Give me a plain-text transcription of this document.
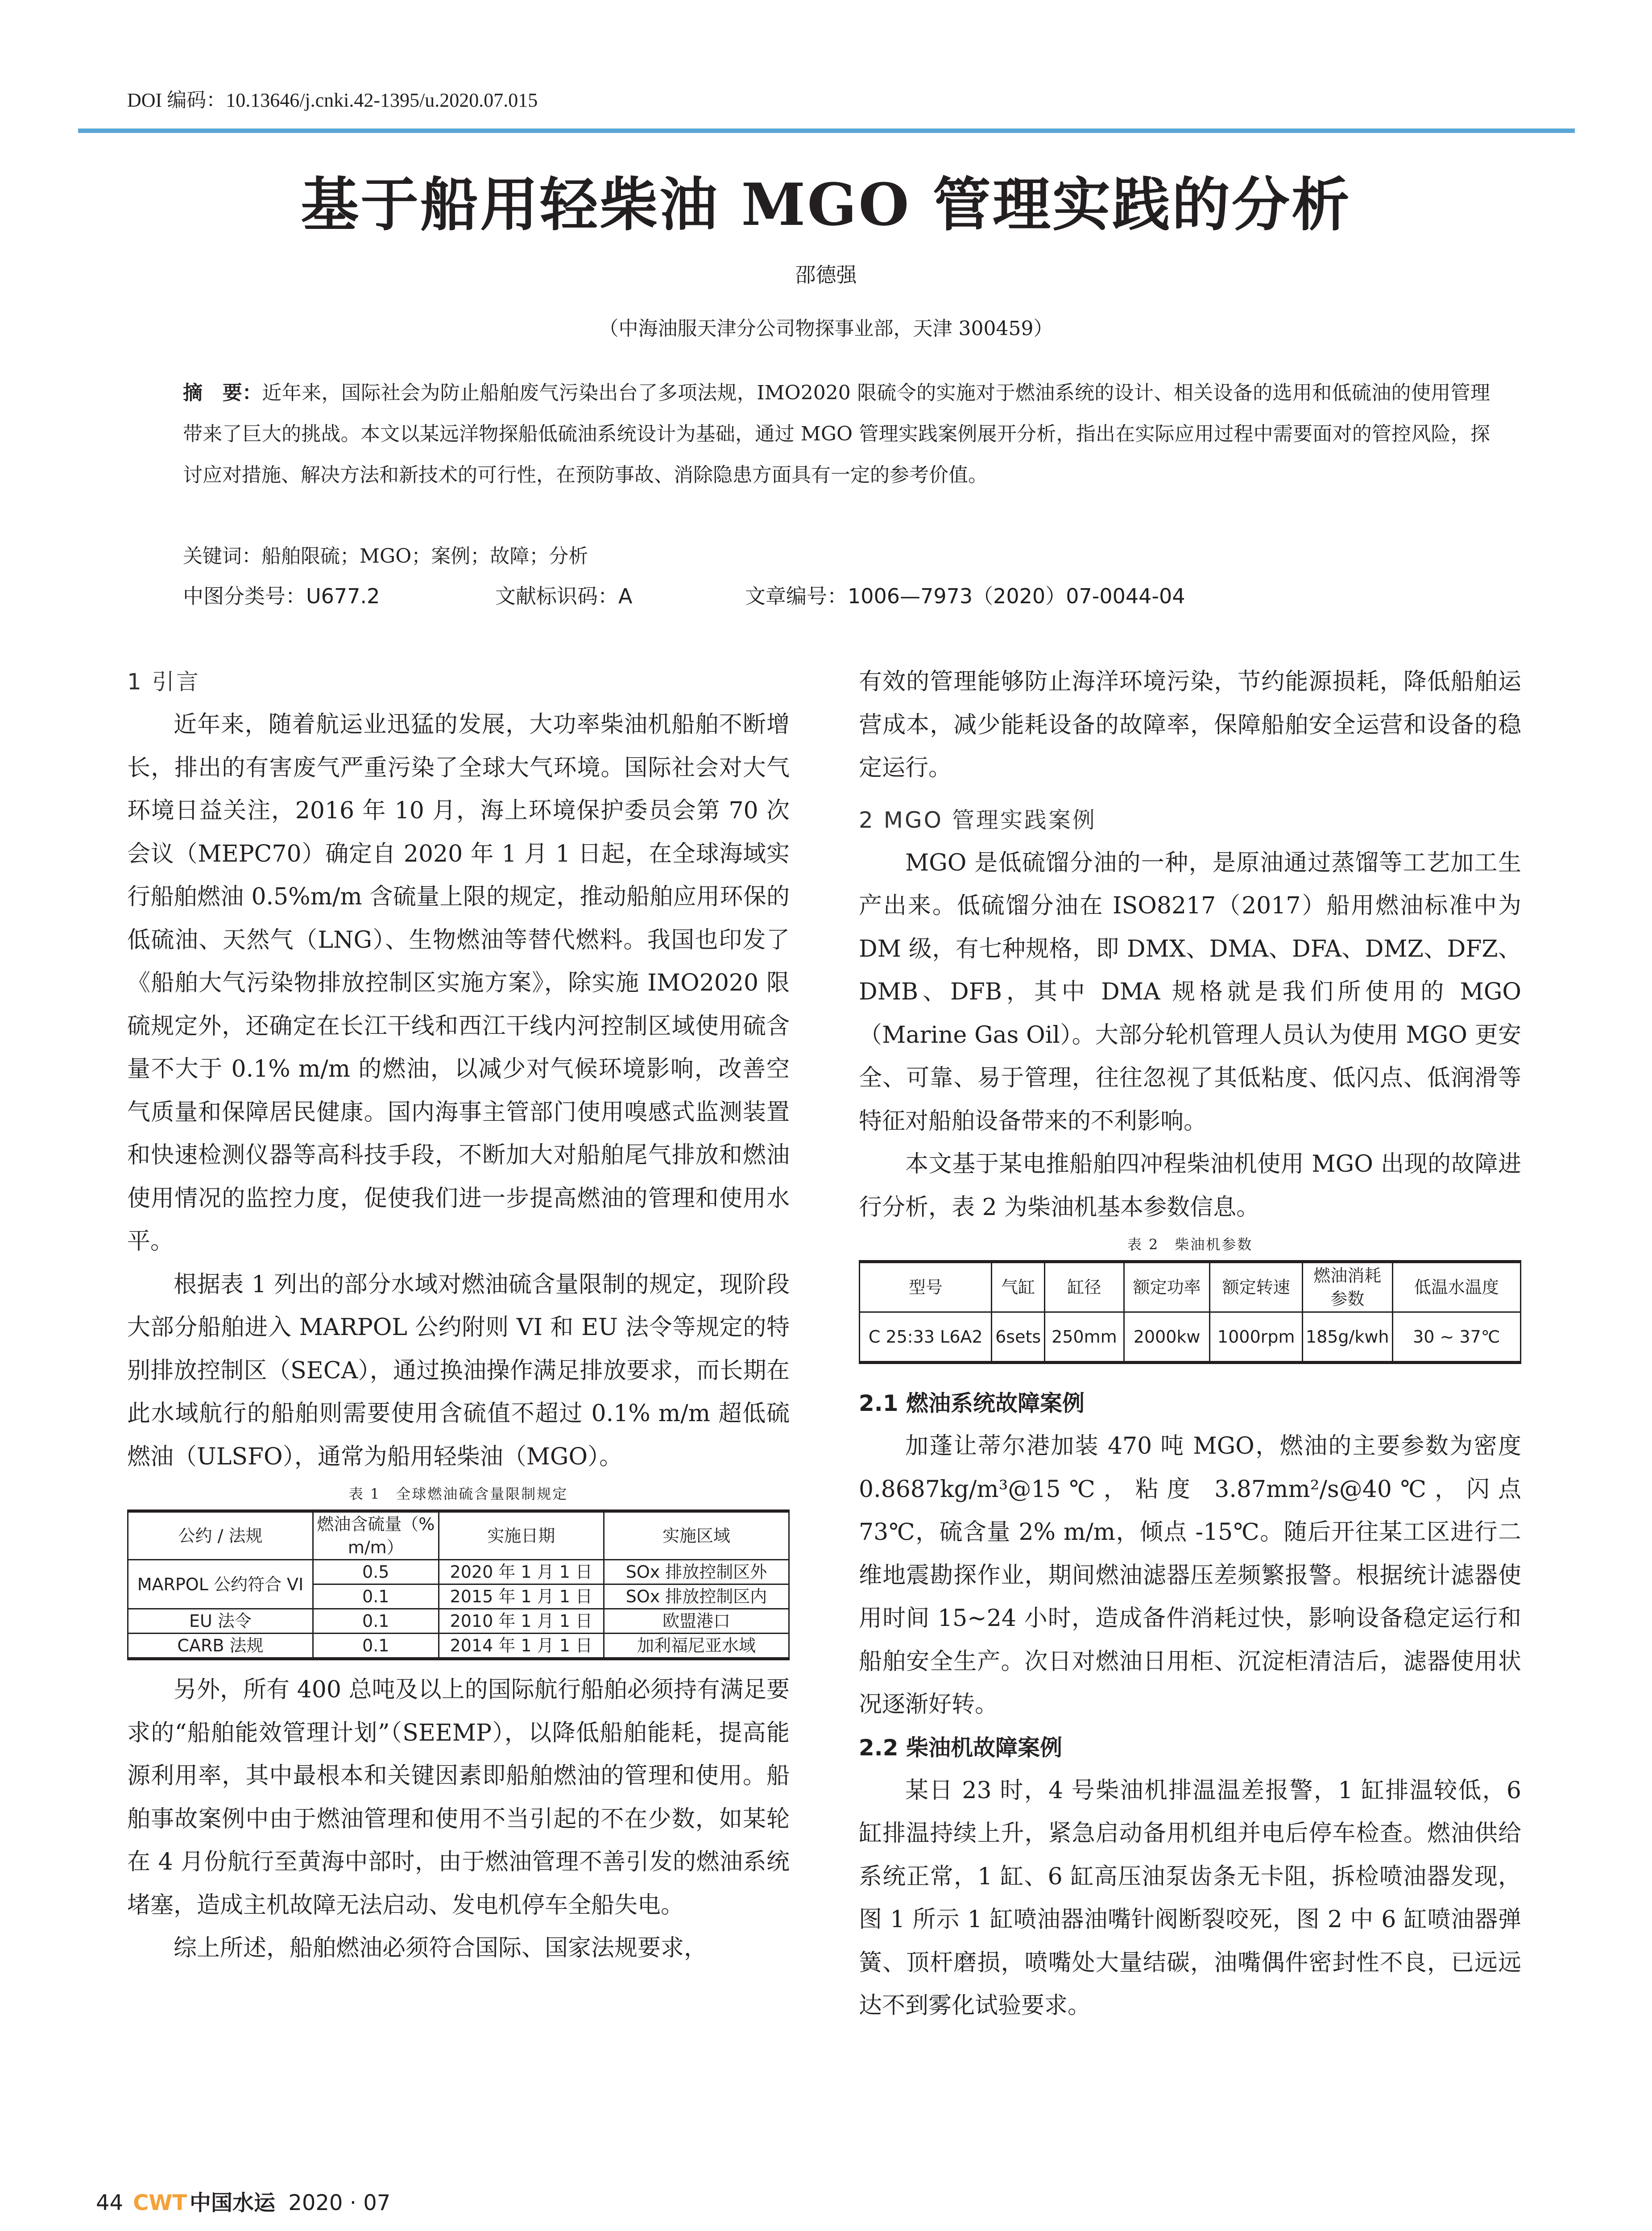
DOI 编码：10.13646/j.cnki.42-1395/u.2020.07.015
基于船用轻柴油 MGO 管理实践的分析
邵德强
（中海油服天津分公司物探事业部，天津 300459）
摘　要：近年来，国际社会为防止船舶废气污染出台了多项法规，IMO2020 限硫令的实施对于燃油系统的设计、相关设备的选用和低硫油的使用管理带来了巨大的挑战。本文以某远洋物探船低硫油系统设计为基础，通过 MGO 管理实践案例展开分析，指出在实际应用过程中需要面对的管控风险，探讨应对措施、解决方法和新技术的可行性，在预防事故、消除隐患方面具有一定的参考价值。
关键词：船舶限硫；MGO；案例；故障；分析
中图分类号：U677.2	文献标识码：A	文章编号：1006—7973（2020）07-0044-04
1 引言

近年来，随着航运业迅猛的发展，大功率柴油机船舶不断增长，排出的有害废气严重污染了全球大气环境。国际社会对大气环境日益关注，2016 年 10 月，海上环境保护委员会第 70 次会议（MEPC70）确定自 2020 年 1 月 1 日起，在全球海域实行船舶燃油 0.5%m/m 含硫量上限的规定，推动船舶应用环保的低硫油、天然气（LNG）、生物燃油等替代燃料。我国也印发了《船舶大气污染物排放控制区实施方案》，除实施 IMO2020 限硫规定外，还确定在长江干线和西江干线内河控制区域使用硫含量不大于 0.1% m/m 的燃油，以减少对气候环境影响，改善空气质量和保障居民健康。国内海事主管部门使用嗅感式监测装置和快速检测仪器等高科技手段，不断加大对船舶尾气排放和燃油使用情况的监控力度，促使我们进一步提高燃油的管理和使用水平。

根据表 1 列出的部分水域对燃油硫含量限制的规定，现阶段大部分船舶进入 MARPOL 公约附则 VI 和 EU 法令等规定的特别排放控制区（SECA），通过换油操作满足排放要求，而长期在此水域航行的船舶则需要使用含硫值不超过 0.1% m/m 超低硫燃油（ULSFO），通常为船用轻柴油（MGO）。

表 1　全球燃油硫含量限制规定
公约 / 法规	燃油含硫量（% m/m）	实施日期	实施区域
MARPOL 公约符合 VI	0.5	2020 年 1 月 1 日	SOx 排放控制区外
	0.1	2015 年 1 月 1 日	SOx 排放控制区内
EU 法令	0.1	2010 年 1 月 1 日	欧盟港口
CARB 法规	0.1	2014 年 1 月 1 日	加利福尼亚水域

另外，所有 400 总吨及以上的国际航行船舶必须持有满足要求的“船舶能效管理计划”（SEEMP），以降低船舶能耗，提高能源利用率，其中最根本和关键因素即船舶燃油的管理和使用。船舶事故案例中由于燃油管理和使用不当引起的不在少数，如某轮在 4 月份航行至黄海中部时，由于燃油管理不善引发的燃油系统堵塞，造成主机故障无法启动、发电机停车全船失电。

综上所述，船舶燃油必须符合国际、国家法规要求，

有效的管理能够防止海洋环境污染，节约能源损耗，降低船舶运营成本，减少能耗设备的故障率，保障船舶安全运营和设备的稳定运行。

2 MGO 管理实践案例

MGO 是低硫馏分油的一种，是原油通过蒸馏等工艺加工生产出来。低硫馏分油在 ISO8217（2017）船用燃油标准中为 DM 级，有七种规格，即 DMX、DMA、DFA、DMZ、DFZ、DMB、DFB，其中 DMA 规格就是我们所使用的 MGO（Marine Gas Oil）。大部分轮机管理人员认为使用 MGO 更安全、可靠、易于管理，往往忽视了其低粘度、低闪点、低润滑等特征对船舶设备带来的不利影响。

本文基于某电推船舶四冲程柴油机使用 MGO 出现的故障进行分析，表 2 为柴油机基本参数信息。

表 2　柴油机参数
型号	气缸	缸径	额定功率	额定转速	燃油消耗参数	低温水温度
C 25:33 L6A2	6sets	250mm	2000kw	1000rpm	185g/kwh	30 ~ 37℃
2.1 燃油系统故障案例

加蓬让蒂尔港加装 470 吨 MGO，燃油的主要参数为密度 0.8687kg/m³@15℃，粘度 3.87mm²/s@40℃，闪点 73℃，硫含量 2% m/m，倾点 -15℃。随后开往某工区进行二维地震勘探作业，期间燃油滤器压差频繁报警。根据统计滤器使用时间 15~24 小时，造成备件消耗过快，影响设备稳定运行和船舶安全生产。次日对燃油日用柜、沉淀柜清洁后，滤器使用状况逐渐好转。

2.2 柴油机故障案例

某日 23 时，4 号柴油机排温温差报警，1 缸排温较低，6 缸排温持续上升，紧急启动备用机组并电后停车检查。燃油供给系统正常，1 缸、6 缸高压油泵齿条无卡阻，拆检喷油器发现，图 1 所示 1 缸喷油器油嘴针阀断裂咬死，图 2 中 6 缸喷油器弹簧、顶杆磨损，喷嘴处大量结碳，油嘴偶件密封性不良，已远远达不到雾化试验要求。

44 CWT 中国水运 2020 · 07
